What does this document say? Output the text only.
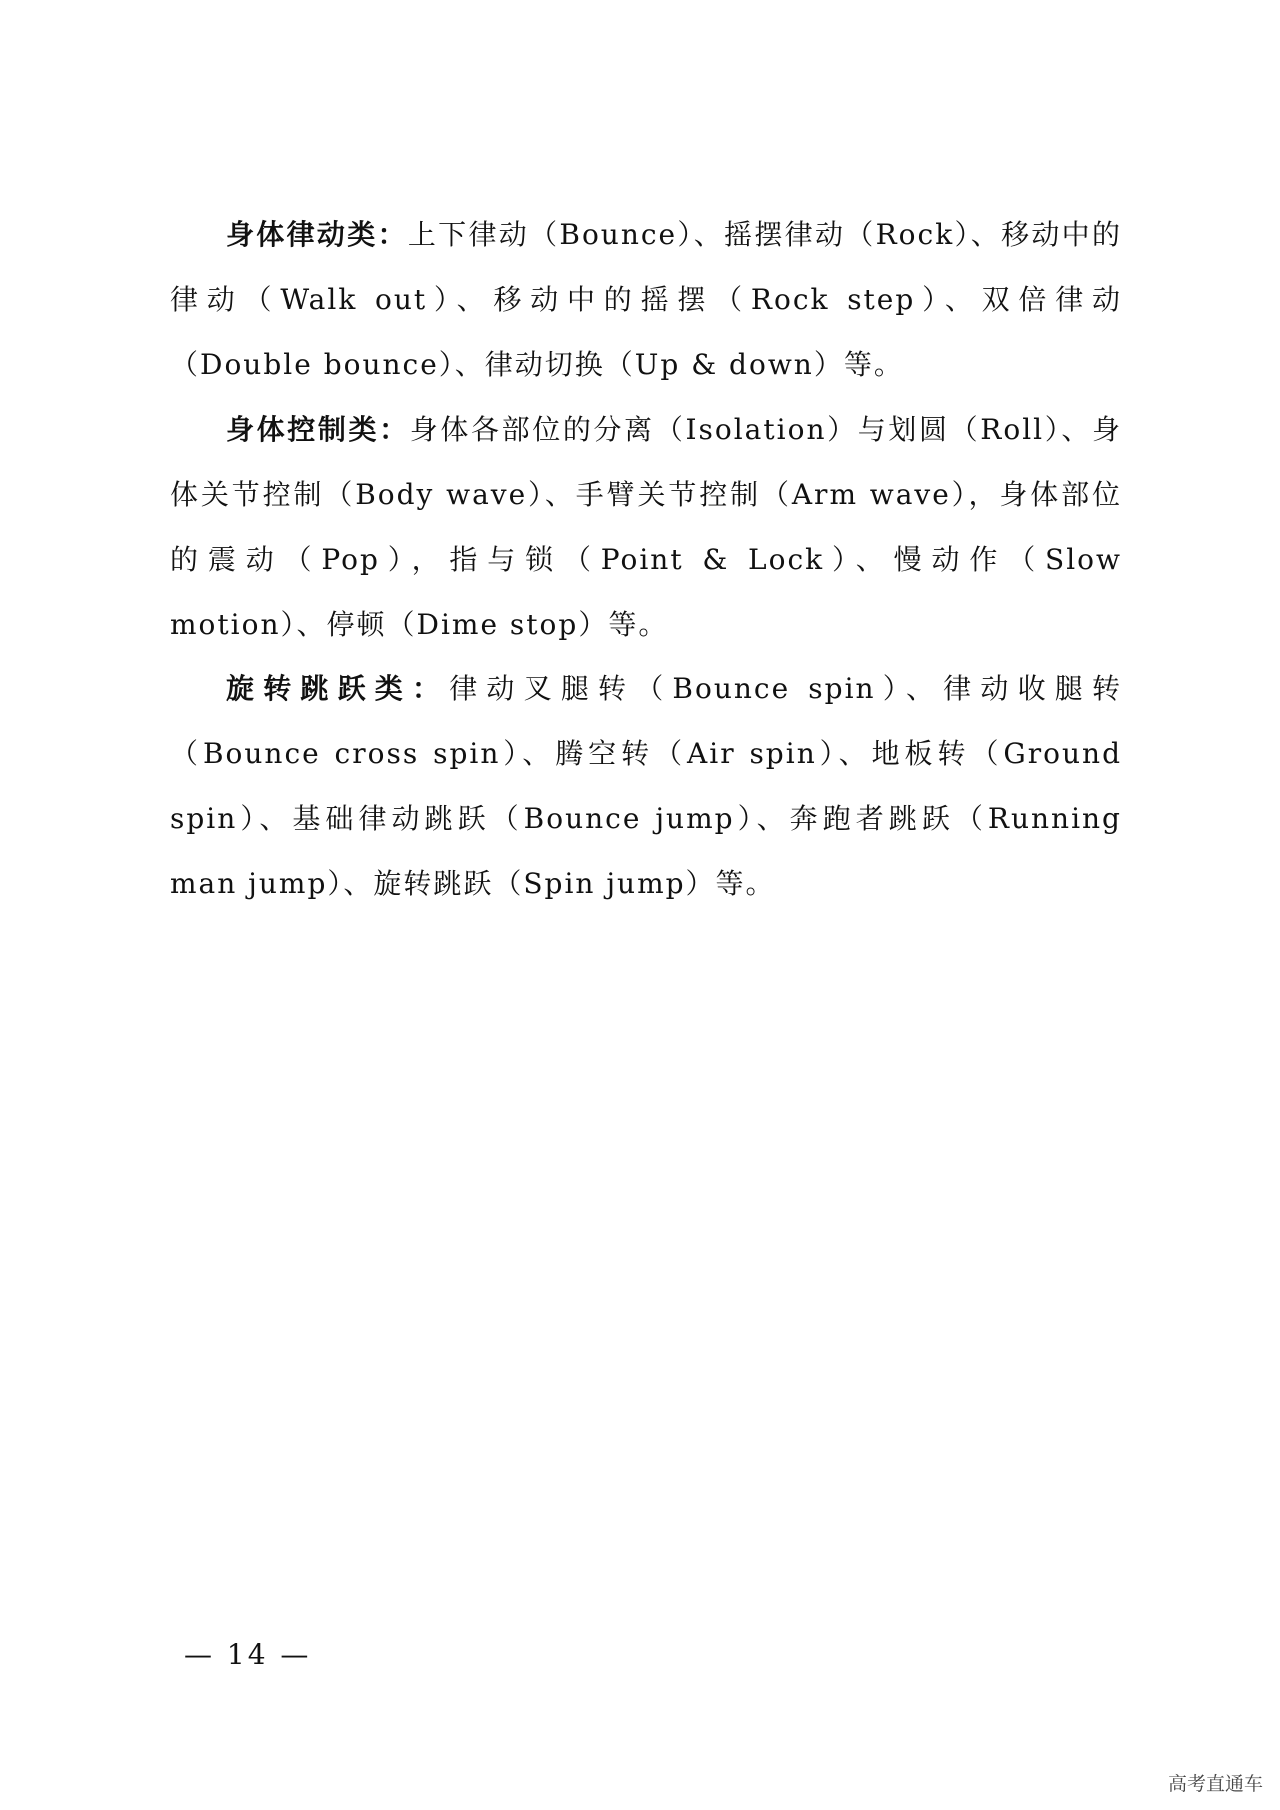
身体律动类：上下律动（Bounce）、摇摆律动（Rock）、移动中的律动（Walk out）、移动中的摇摆（Rock step）、双倍律动（Double bounce）、律动切换（Up & down）等。

身体控制类：身体各部位的分离（Isolation）与划圆（Roll）、身体关节控制（Body wave）、手臂关节控制（Arm wave），身体部位的震动（Pop），指与锁（Point & Lock）、慢动作（Slow motion）、停顿（Dime stop）等。

旋转跳跃类：律动叉腿转（Bounce spin）、律动收腿转（Bounce cross spin）、腾空转（Air spin）、地板转（Ground spin）、基础律动跳跃（Bounce jump）、奔跑者跳跃（Running man jump）、旋转跳跃（Spin jump）等。

— 14 —
高考直通车
